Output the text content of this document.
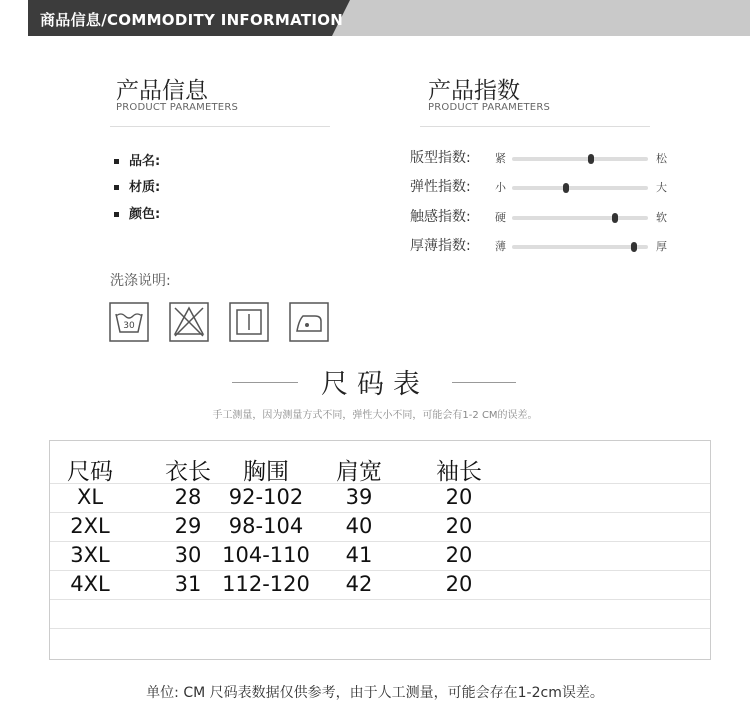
商品信息/COMMODITY INFORMATION
产品信息
PRODUCT PARAMETERS
品名:
材质:
颜色:
产品指数
PRODUCT PARAMETERS
版型指数: 紧	松
弹性指数: 小	大
触感指数: 硬	软
厚薄指数: 薄	厚
洗涤说明:
30
尺码表
手工测量，因为测量方式不同，弹性大小不同，可能会有1-2 CM的误差。
尺码	衣长	胸围	肩宽	袖长
XL	28	92-102	39	20
2XL	29	98-104	40	20
3XL	30 104-110	41	20
4XL	31 112-120	42	20
单位: CM 尺码表数据仅供参考，由于人工测量，可能会存在1-2cm误差。
